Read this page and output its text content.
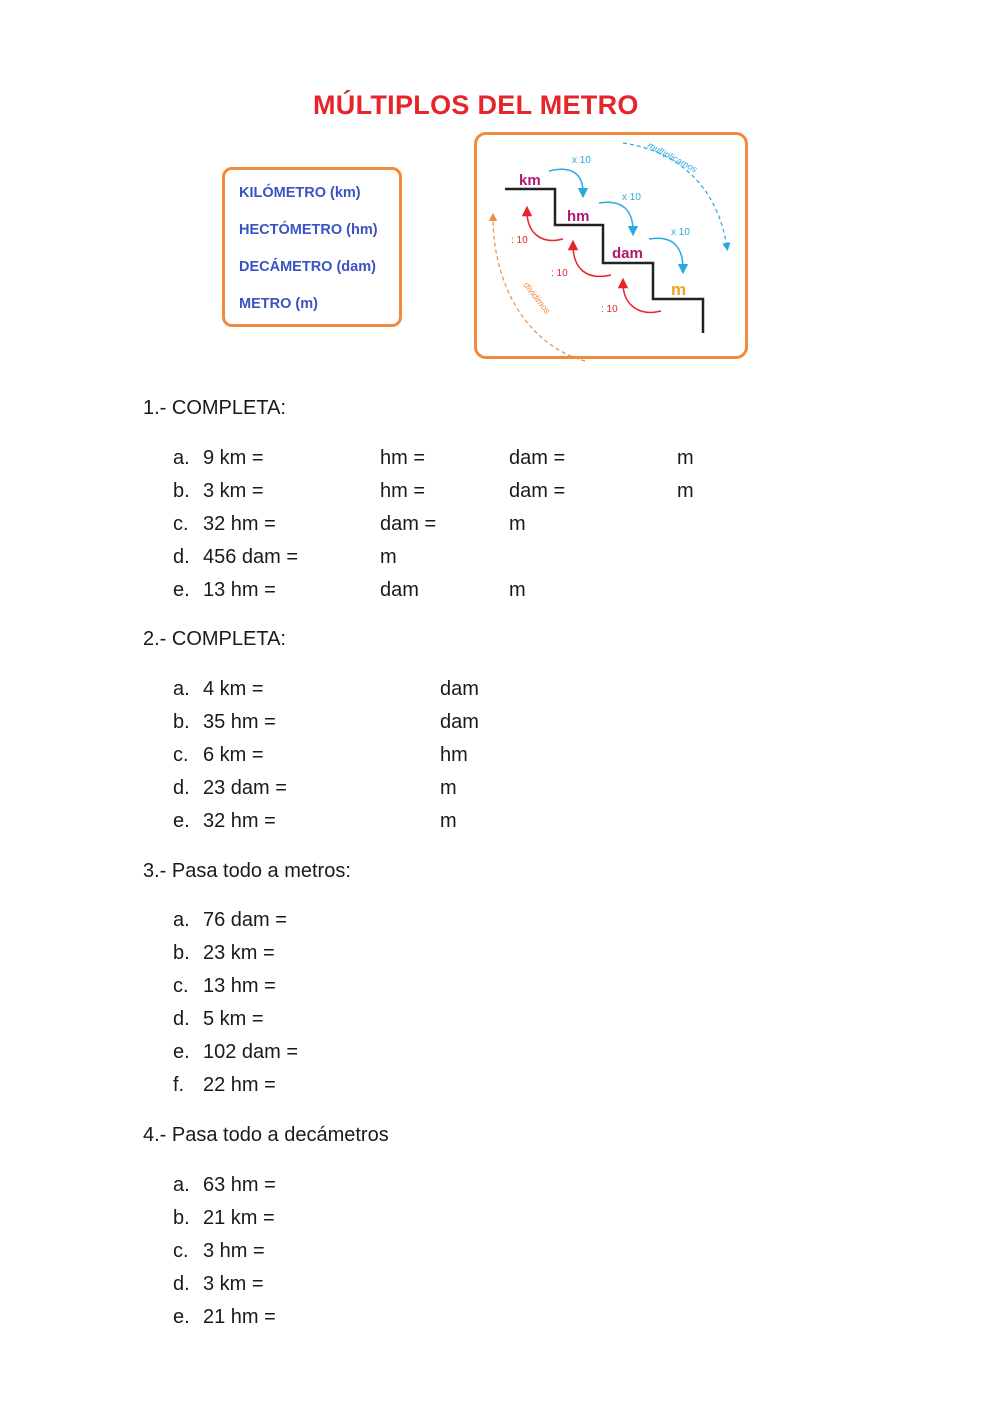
MÚLTIPLOS DEL METRO
KILÓMETRO (km)
HECTÓMETRO (hm)
DECÁMETRO (dam)
METRO (m)
km
hm
dam
m
x 10
x 10
x 10
: 10
: 10
: 10
multiplicamos
dividimos
1.- COMPLETA:
a. 9 km =	hm =	dam =	m
b. 3 km =	hm =	dam =	m
c. 32 hm =	dam =	m
d. 456 dam =	m
e. 13 hm =	dam	m
2.- COMPLETA:
a. 4 km =	dam
b. 35 hm =	dam
c. 6 km =	hm
d. 23 dam =	m
e. 32 hm =	m
3.- Pasa todo a metros:
a. 76 dam =
b. 23 km =
c. 13 hm =
d. 5 km =
e. 102 dam =
f. 22 hm =
4.- Pasa todo a decámetros
a. 63 hm =
b. 21 km =
c. 3 hm =
d. 3 km =
e. 21 hm =
